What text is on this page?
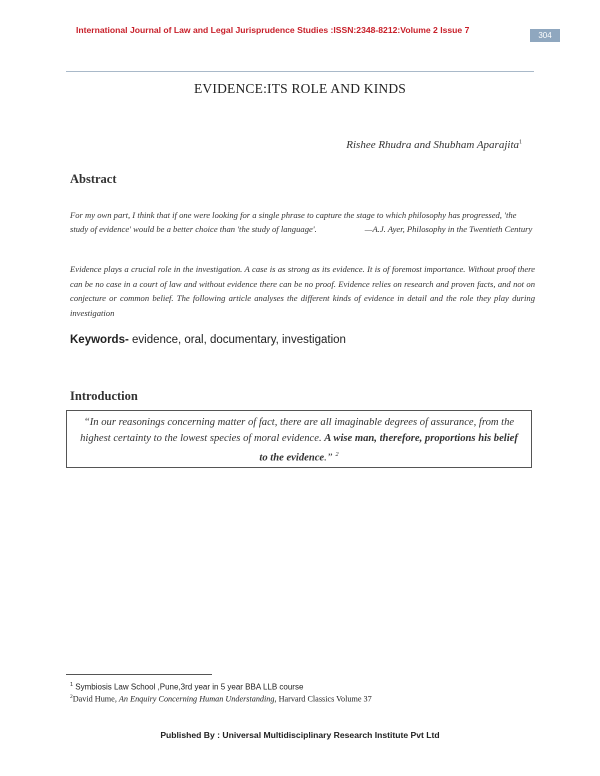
International Journal of Law and Legal Jurisprudence Studies :ISSN:2348-8212:Volume 2 Issue 7
304
EVIDENCE:ITS ROLE AND KINDS
Rishee Rhudra and Shubham Aparajita$^1$
Abstract
For my own part, I think that if one were looking for a single phrase to capture the stage to which philosophy has progressed, 'the study of evidence' would be a better choice than 'the study of language'.	—A.J. Ayer, Philosophy in the Twentieth Century
Evidence plays a crucial role in the investigation. A case is as strong as its evidence. It is of foremost importance. Without proof there can be no case in a court of law and without evidence there can be no proof. Evidence relies on research and proven facts, and not on conjecture or common belief. The following article analyses the different kinds of evidence in detail and the role they play during investigation
Keywords- evidence, oral, documentary, investigation
Introduction
“In our reasonings concerning matter of fact, there are all imaginable degrees of assurance, from the highest certainty to the lowest species of moral evidence. A wise man, therefore, proportions his belief to the evidence.” $^2$
$^1$ Symbiosis Law School ,Pune,3rd year in 5 year BBA LLB course
$^2$David Hume, An Enquiry Concerning Human Understanding, Harvard Classics Volume 37
Published By : Universal Multidisciplinary Research Institute Pvt Ltd
